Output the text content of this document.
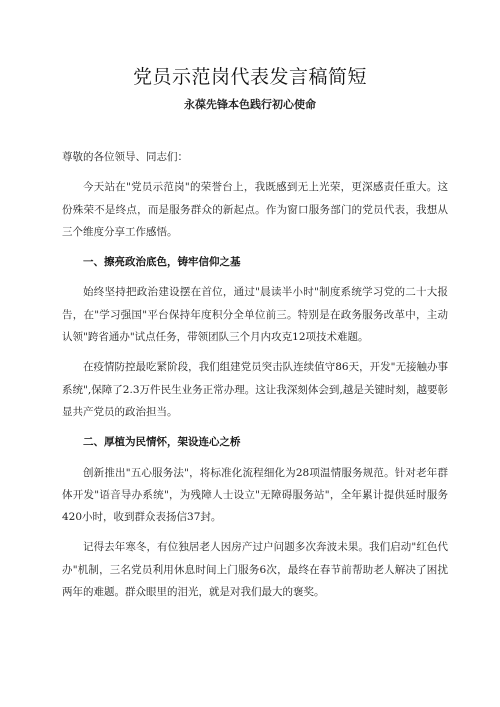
党员示范岗代表发言稿简短
永葆先锋本色践行初心使命

尊敬的各位领导、同志们：

今天站在"党员示范岗"的荣誉台上，我既感到无上光荣，更深感责任重大。这份殊荣不是终点，而是服务群众的新起点。作为窗口服务部门的党员代表，我想从三个维度分享工作感悟。

一、擦亮政治底色，铸牢信仰之基

始终坚持把政治建设摆在首位，通过"晨读半小时"制度系统学习党的二十大报告，在"学习强国"平台保持年度积分全单位前三。特别是在政务服务改革中，主动认领"跨省通办"试点任务，带领团队三个月内攻克12项技术难题。

在疫情防控最吃紧阶段，我们组建党员突击队连续值守86天，开发"无接触办事系统",保障了2.3万件民生业务正常办理。这让我深刻体会到,越是关键时刻，越要彰显共产党员的政治担当。

二、厚植为民情怀，架设连心之桥

创新推出"五心服务法"，将标准化流程细化为28项温情服务规范。针对老年群体开发"语音导办系统"，为残障人士设立"无障碍服务站"，全年累计提供延时服务420小时，收到群众表扬信37封。

记得去年寒冬，有位独居老人因房产过户问题多次奔波未果。我们启动"红色代办"机制，三名党员利用休息时间上门服务6次，最终在春节前帮助老人解决了困扰两年的难题。群众眼里的泪光，就是对我们最大的褒奖。
